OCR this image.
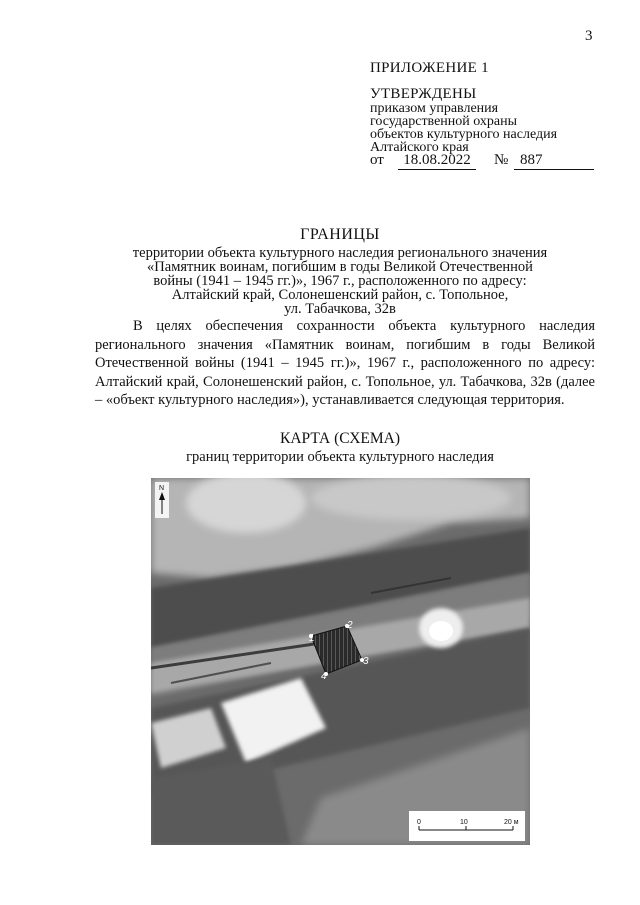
3
ПРИЛОЖЕНИЕ 1
УТВЕРЖДЕНЫ
приказом управления
государственной охраны
объектов культурного наследия
Алтайского края
от	18.08.2022	№ 887
ГРАНИЦЫ
территории объекта культурного наследия регионального значения
«Памятник воинам, погибшим в годы Великой Отечественной
войны (1941 – 1945 гг.)», 1967 г., расположенного по адресу:
Алтайский край, Солонешенский район, с. Топольное,
ул. Табачкова, 32в
В целях обеспечения сохранности объекта культурного наследия регионального значения «Памятник воинам, погибшим в годы Великой Отечественной войны (1941 – 1945 гг.)», 1967 г., расположенного по адресу: Алтайский край, Солонешенский район, с. Топольное, ул. Табачкова, 32в (далее – «объект культурного наследия»), устанавливается следующая территория.
КАРТА (СХЕМА)
границ территории объекта культурного наследия
1
2
3
4
N
0	10	20 м
